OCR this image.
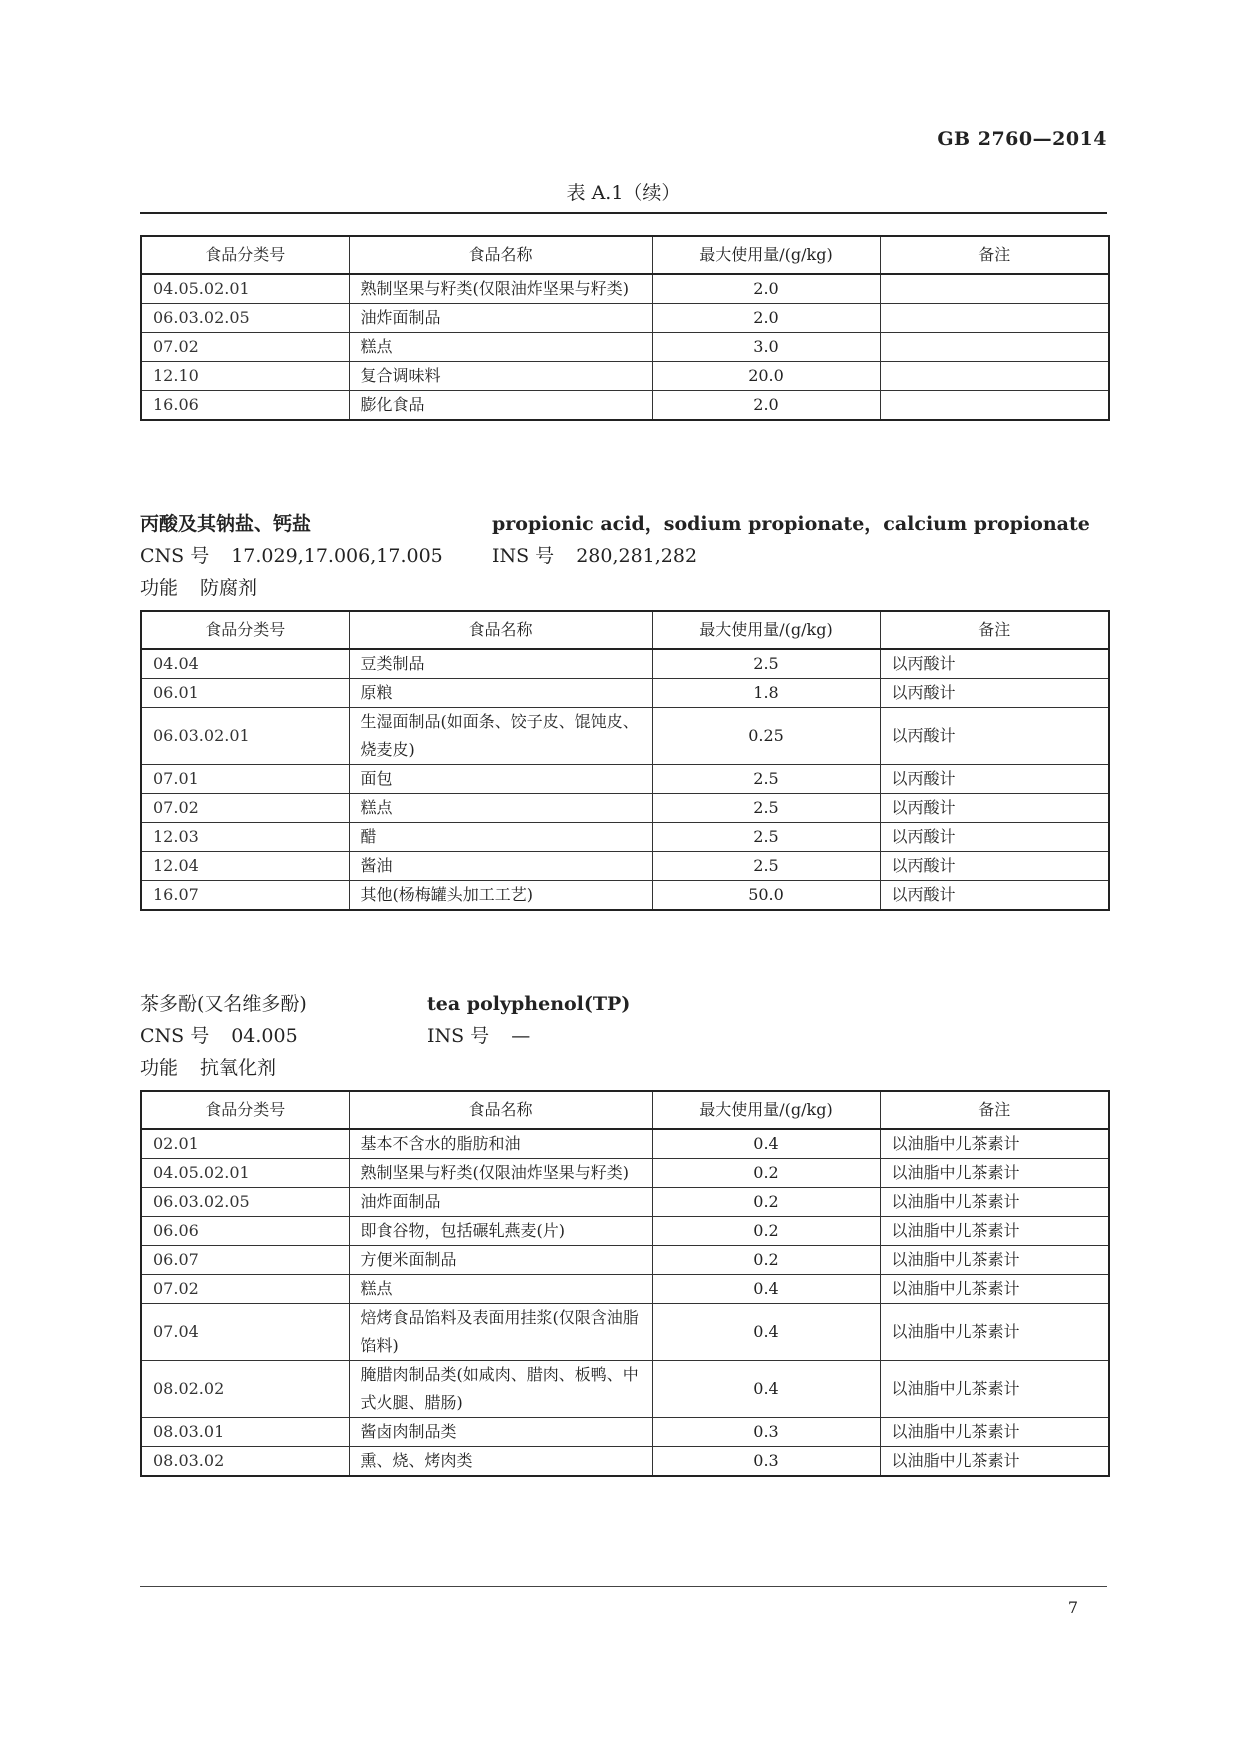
GB 2760—2014
表 A.1（续）
食品分类号	食品名称	最大使用量/(g/kg)	备注
04.05.02.01	熟制坚果与籽类(仅限油炸坚果与籽类)	2.0	
06.03.02.05	油炸面制品	2.0	
07.02	糕点	3.0	
12.10	复合调味料	20.0	
16.06	膨化食品	2.0	
丙酸及其钠盐、钙盐	propionic acid，sodium propionate，calcium propionate
CNS 号 17.029,17.006,17.005	INS 号 280,281,282
功能 防腐剂
食品分类号	食品名称	最大使用量/(g/kg)	备注
04.04	豆类制品	2.5	以丙酸计
06.01	原粮	1.8	以丙酸计
06.03.02.01	生湿面制品(如面条、饺子皮、馄饨皮、烧麦皮)	0.25	以丙酸计
07.01	面包	2.5	以丙酸计
07.02	糕点	2.5	以丙酸计
12.03	醋	2.5	以丙酸计
12.04	酱油	2.5	以丙酸计
16.07	其他(杨梅罐头加工工艺)	50.0	以丙酸计
茶多酚(又名维多酚)	tea polyphenol(TP)
CNS 号 04.005	INS 号 —
功能 抗氧化剂
食品分类号	食品名称	最大使用量/(g/kg)	备注
02.01	基本不含水的脂肪和油	0.4	以油脂中儿茶素计
04.05.02.01	熟制坚果与籽类(仅限油炸坚果与籽类)	0.2	以油脂中儿茶素计
06.03.02.05	油炸面制品	0.2	以油脂中儿茶素计
06.06	即食谷物，包括碾轧燕麦(片)	0.2	以油脂中儿茶素计
06.07	方便米面制品	0.2	以油脂中儿茶素计
07.02	糕点	0.4	以油脂中儿茶素计
07.04	焙烤食品馅料及表面用挂浆(仅限含油脂馅料)	0.4	以油脂中儿茶素计
08.02.02	腌腊肉制品类(如咸肉、腊肉、板鸭、中式火腿、腊肠)	0.4	以油脂中儿茶素计
08.03.01	酱卤肉制品类	0.3	以油脂中儿茶素计
08.03.02	熏、烧、烤肉类	0.3	以油脂中儿茶素计
7
